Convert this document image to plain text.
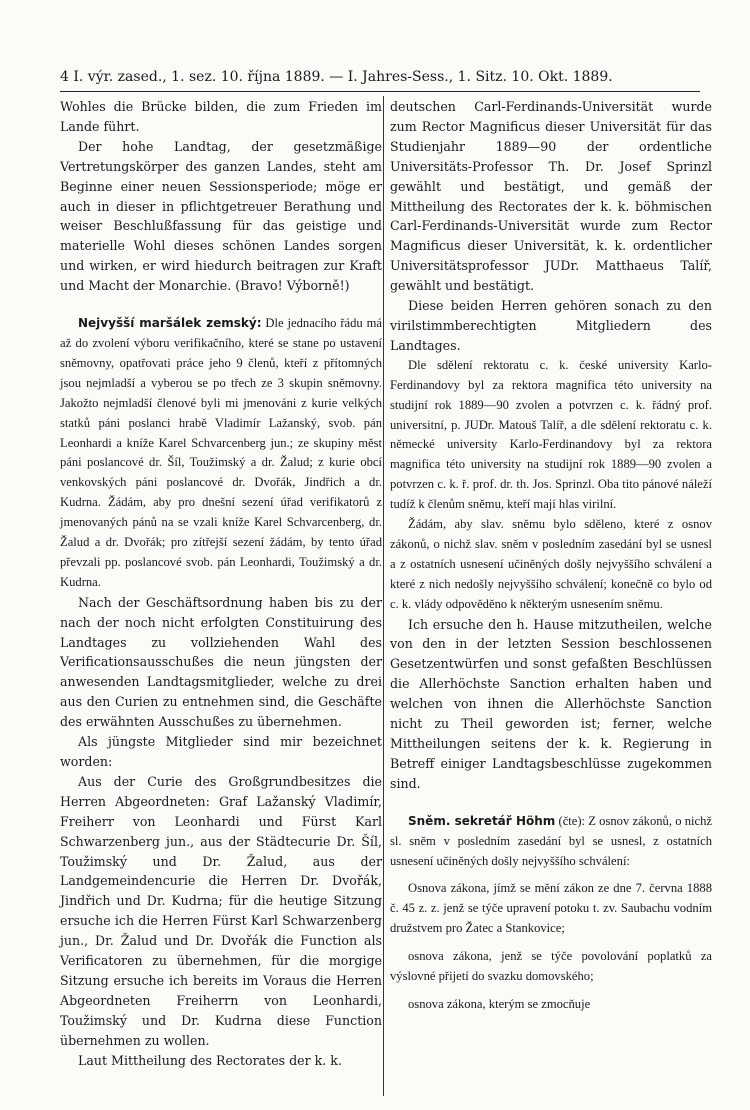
4 I. výr. zased., 1. sez. 10. října 1889. — I. Jahres-Sess., 1. Sitz. 10. Okt. 1889.

Wohles die Brücke bilden, die zum Frieden im Lande führt.

Der hohe Landtag, der gesetzmäßige Vertretungskörper des ganzen Landes, steht am Beginne einer neuen Sessionsperiode; möge er auch in dieser in pflichtgetreuer Berathung und weiser Beschlußfassung für das geistige und materielle Wohl dieses schönen Landes sorgen und wirken, er wird hiedurch beitragen zur Kraft und Macht der Monarchie. (Bravo! Výborně!)

Nejvyšší maršálek zemský: Dle jednacího řádu má až do zvolení výboru verifikačního, které se stane po ustavení sněmovny, opatřovati práce jeho 9 členů, kteří z přítomných jsou nejmladší a vyberou se po třech ze 3 skupin sněmovny. Jakožto nejmladší členové byli mi jmenováni z kurie velkých statků páni poslanci hrabě Vladimír Lažanský, svob. pán Leonhardi a kníže Karel Schvarcenberg jun.; ze skupiny měst páni poslancové dr. Šíl, Toužimský a dr. Žalud; z kurie obcí venkovských páni poslancové dr. Dvořák, Jindřich a dr. Kudrna. Žádám, aby pro dnešní sezení úřad verifikatorů z jmenovaných pánů na se vzali kníže Karel Schvarcenberg, dr. Žalud a dr. Dvořák; pro zítřejší sezení žádám, by tento úřad převzali pp. poslancové svob. pán Leonhardi, Toužimský a dr. Kudrna.

Nach der Geschäftsordnung haben bis zu der nach der noch nicht erfolgten Constituirung des Landtages zu vollziehenden Wahl des Verificationsausschußes die neun jüngsten der anwesenden Landtagsmitglieder, welche zu drei aus den Curien zu entnehmen sind, die Geschäfte des erwähnten Ausschußes zu übernehmen.

Als jüngste Mitglieder sind mir bezeichnet worden:

Aus der Curie des Großgrundbesitzes die Herren Abgeordneten: Graf Lažanský Vladimír, Freiherr von Leonhardi und Fürst Karl Schwarzenberg jun., aus der Städtecurie Dr. Šíl, Toužimský und Dr. Žalud, aus der Landgemeindencurie die Herren Dr. Dvořák, Jindřich und Dr. Kudrna; für die heutige Sitzung ersuche ich die Herren Fürst Karl Schwarzenberg jun., Dr. Žalud und Dr. Dvořák die Function als Verificatoren zu übernehmen, für die morgige Sitzung ersuche ich bereits im Voraus die Herren Abgeordneten Freiherrn von Leonhardi, Toužimský und Dr. Kudrna diese Function übernehmen zu wollen.

Laut Mittheilung des Rectorates der k. k.

deutschen Carl-Ferdinands-Universität wurde zum Rector Magnificus dieser Universität für das Studienjahr 1889—90 der ordentliche Universitäts-Professor Th. Dr. Josef Sprinzl gewählt und bestätigt, und gemäß der Mittheilung des Rectorates der k. k. böhmischen Carl-Ferdinands-Universität wurde zum Rector Magnificus dieser Universität, k. k. ordentlicher Universitätsprofessor JUDr. Matthaeus Talíř, gewählt und bestätigt.

Diese beiden Herren gehören sonach zu den virilstimmberechtigten Mitgliedern des Landtages.

Dle sdělení rektoratu c. k. české university Karlo-Ferdinandovy byl za rektora magnifica této university na studijní rok 1889—90 zvolen a potvrzen c. k. řádný prof. universitní, p. JUDr. Matouš Talíř, a dle sdělení rektoratu c. k. německé university Karlo-Ferdinandovy byl za rektora magnifica této university na studijní rok 1889—90 zvolen a potvrzen c. k. ř. prof. dr. th. Jos. Sprinzl. Oba tito pánové náleží tudíž k členům sněmu, kteří mají hlas virilní.

Žádám, aby slav. sněmu bylo sděleno, které z osnov zákonů, o nichž slav. sněm v posledním zasedání byl se usnesl a z ostatních usnesení učiněných došly nejvyššího schválení a které z nich nedošly nejvyššího schválení; konečně co bylo od c. k. vlády odpověděno k některým usnesením sněmu.

Ich ersuche den h. Hause mitzutheilen, welche von den in der letzten Session beschlossenen Gesetzentwürfen und sonst gefaßten Beschlüssen die Allerhöchste Sanction erhalten haben und welchen von ihnen die Allerhöchste Sanction nicht zu Theil geworden ist; ferner, welche Mittheilungen seitens der k. k. Regierung in Betreff einiger Landtagsbeschlüsse zugekommen sind.

Sněm. sekretář Höhm (čte): Z osnov zákonů, o nichž sl. sněm v posledním zasedání byl se usnesl, z ostatních usnesení učiněných došly nejvyššího schválení:

Osnova zákona, jímž se mění zákon ze dne 7. června 1888 č. 45 z. z. jenž se týče upravení potoku t. zv. Saubachu vodním družstvem pro Žatec a Stankovice;

osnova zákona, jenž se týče povolování poplatků za výslovné přijetí do svazku domovského;

osnova zákona, kterým se zmocňuje
